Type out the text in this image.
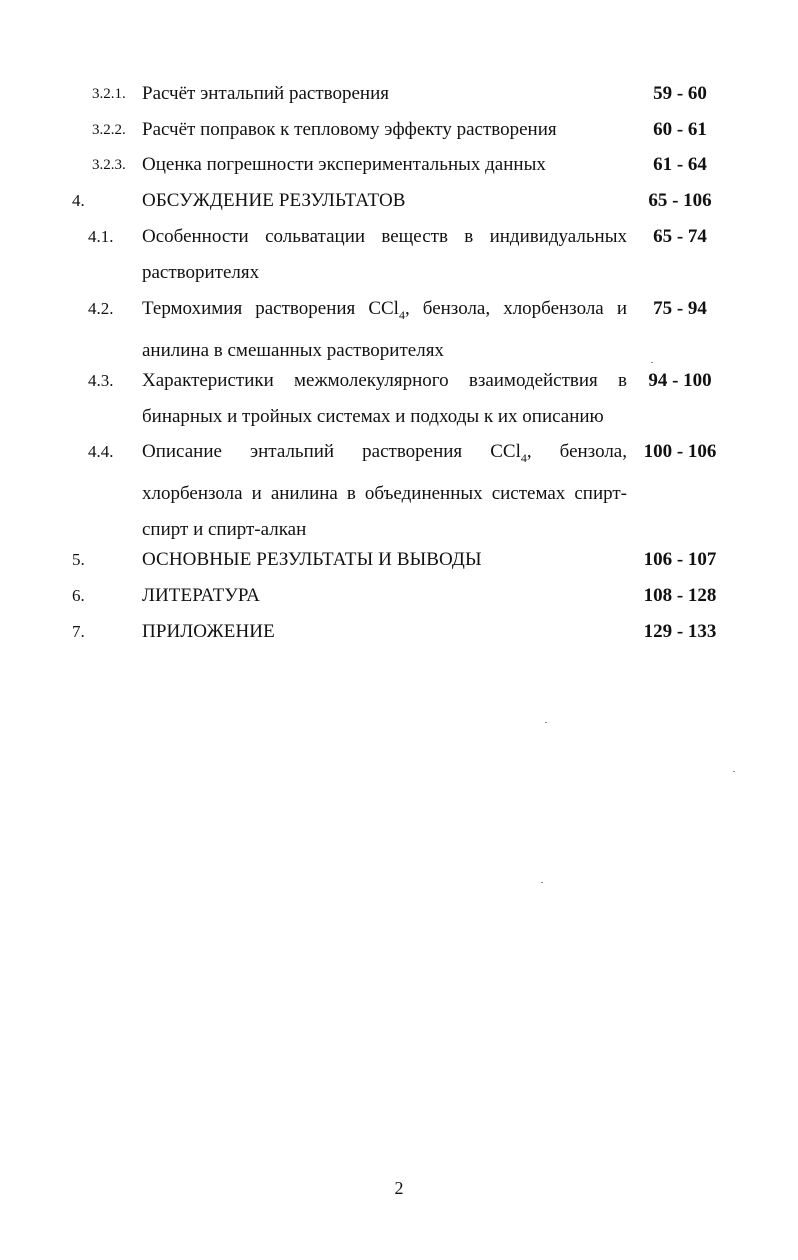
3.2.1. Расчёт энтальпий растворения	59 - 60
3.2.2. Расчёт поправок к тепловому эффекту растворения	60 - 61
3.2.3. Оценка погрешности экспериментальных данных	61 - 64
4.	ОБСУЖДЕНИЕ РЕЗУЛЬТАТОВ	65 - 106
4.1. Особенности сольватации веществ в индивидуальных растворителях
65 - 74
4.2. Термохимия растворения CCl$_4$, бензола, хлорбензола и анилина в смешанных растворителях
75 - 94
4.3. Характеристики межмолекулярного взаимодействия в бинарных и тройных системах и подходы к их описанию
94 - 100
4.4. Описание энтальпий растворения CCl$_4$, бензола, хлорбензола и анилина в объединенных системах спирт-спирт и спирт-алкан
100 - 106
5.	ОСНОВНЫЕ РЕЗУЛЬТАТЫ И ВЫВОДЫ	106 - 107
6.	ЛИТЕРАТУРА	108 - 128
7.	ПРИЛОЖЕНИЕ	129 - 133
2
